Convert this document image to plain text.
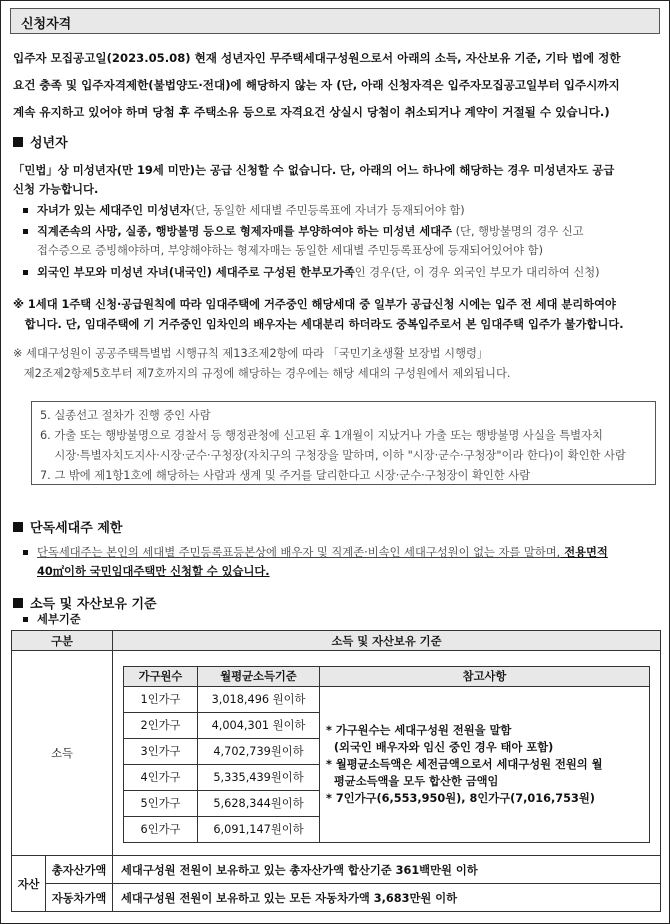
신청자격
입주자 모집공고일(2023.05.08) 현재 성년자인 무주택세대구성원으로서 아래의 소득, 자산보유 기준, 기타 법에 정한
요건 충족 및 입주자격제한(불법양도·전대)에 해당하지 않는 자 (단, 아래 신청자격은 입주자모집공고일부터 입주시까지
계속 유지하고 있어야 하며 당첨 후 주택소유 등으로 자격요건 상실시 당첨이 취소되거나 계약이 거절될 수 있습니다.)
성년자
「민법」상 미성년자(만 19세 미만)는 공급 신청할 수 없습니다. 단, 아래의 어느 하나에 해당하는 경우 미성년자도 공급
신청 가능합니다.
자녀가 있는 세대주인 미성년자(단, 동일한 세대별 주민등록표에 자녀가 등재되어야 함)
직계존속의 사망, 실종, 행방불명 등으로 형제자매를 부양하여야 하는 미성년 세대주 (단, 행방불명의 경우 신고
접수증으로 증빙해야하며, 부양해야하는 형제자매는 동일한 세대별 주민등록표상에 등재되어있어야 함)
외국인 부모와 미성년 자녀(내국인) 세대주로 구성된 한부모가족인 경우(단, 이 경우 외국인 부모가 대리하여 신청)
※ 1세대 1주택 신청·공급원칙에 따라 임대주택에 거주중인 해당세대 중 일부가 공급신청 시에는 입주 전 세대 분리하여야
합니다. 단, 임대주택에 기 거주중인 임차인의 배우자는 세대분리 하더라도 중복입주로서 본 임대주택 입주가 불가합니다.
※ 세대구성원이 공공주택특별법 시행규칙 제13조제2항에 따라 「국민기초생활 보장법 시행령」
제2조제2항제5호부터 제7호까지의 규정에 해당하는 경우에는 해당 세대의 구성원에서 제외됩니다.
5. 실종선고 절차가 진행 중인 사람
6. 가출 또는 행방불명으로 경찰서 등 행정관청에 신고된 후 1개월이 지났거나 가출 또는 행방불명 사실을 특별자치
시장·특별자치도지사·시장·군수·구청장(자치구의 구청장을 말하며, 이하 "시장·군수·구청장"이라 한다)이 확인한 사람
7. 그 밖에 제1항1호에 해당하는 사람과 생계 및 주거를 달리한다고 시장·군수·구청장이 확인한 사람
단독세대주 제한
단독세대주는 본인의 세대별 주민등록표등본상에 배우자 및 직계존·비속인 세대구성원이 없는 자를 말하며, 전용면적
40㎡이하 국민임대주택만 신청할 수 있습니다.
소득 및 자산보유 기준
세부기준
구분	소득 및 자산보유 기준
소득	
가구원수	월평균소득기준	참고사항
1인가구	3,018,496 원이하	
* 가구원수는 세대구성원 전원을 말함
(외국인 배우자와 임신 중인 경우 태아 포함)
* 월평균소득액은 세전금액으로서 세대구성원 전원의 월
평균소득액을 모두 합산한 금액임
* 7인가구(6,553,950원), 8인가구(7,016,753원)

2인가구	4,004,301 원이하
3인가구	4,702,739원이하
4인가구	5,335,439원이하
5인가구	5,628,344원이하
6인가구	6,091,147원이하

자산	총자산가액	세대구성원 전원이 보유하고 있는 총자산가액 합산기준 361백만원 이하
자동차가액	세대구성원 전원이 보유하고 있는 모든 자동차가액 3,683만원 이하
